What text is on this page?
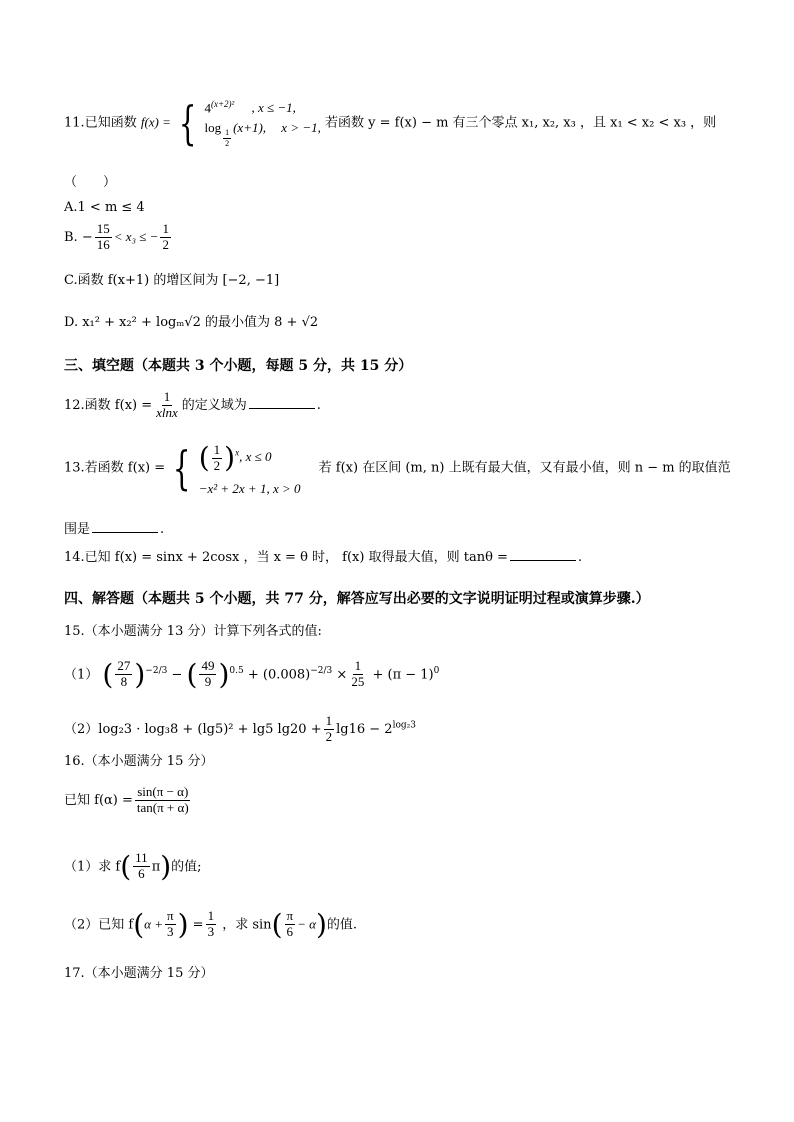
11.已知函数 f(x) = { $4^{(x+2)^2}$ , x ≤ −1,
log
$\frac{1}{2}$
(x+1), x > −1, 若函数 y = f(x) − m 有三个零点 x₁, x₂, x₃ ，且 x₁ < x₂ < x₃ ，则
（　　）
A.1 < m ≤ 4
B. − $\frac{15}{16} < x_3$ ≤ − $\frac{1}{2}$
C.函数 f(x+1) 的增区间为 [−2, −1]
D. x₁² + x₂² + logₘ√2 的最小值为 8 + √2
三、填空题（本题共 3 个小题，每题 5 分，共 15 分）
12.函数 $f(x) = \frac{1}{xlnx}$ 的定义域为	.
13.若函数 f(x) = { ( $\frac{1}{2} )^x$, x ≤ 0
−x² + 2x + 1, x > 0
若 f(x) 在区间 (m, n) 上既有最大值，又有最小值，则 n − m 的取值范
围是	.
14.已知 f(x) = sinx + 2cosx ，当 x = θ 时， f(x) 取得最大值，则 tanθ =	.
四、解答题（本题共 5 个小题，共 77 分，解答应写出必要的文字说明证明过程或演算步骤.）
15.（本小题满分 13 分）计算下列各式的值:
（1） ( $\frac{27}{8} )^{-2/3}$ − ( $\frac{49}{9} )^{0.5} + (0.008)^{-2/3} \times \frac{1}{25} + (\pi - 1)^0$
（2）log₂3 · log₃8 + (lg5)² + lg5 $\lg 20 + \frac{1}{2} \lg 16 - 2^{log_23}$
16.（本小题满分 15 分）
已知 $f(\alpha) = \frac{\sin(\pi - \alpha)}{\tan(\pi + \alpha)}$
（1）求 $f( \frac{11}{6} \pi)$的值;
（2）已知 $f(\alpha + \frac{\pi}{3}$ ) = $\frac{1}{3}$ ，求 $\sin( \frac{\pi}{6} - \alpha)$的值.
17.（本小题满分 15 分）
